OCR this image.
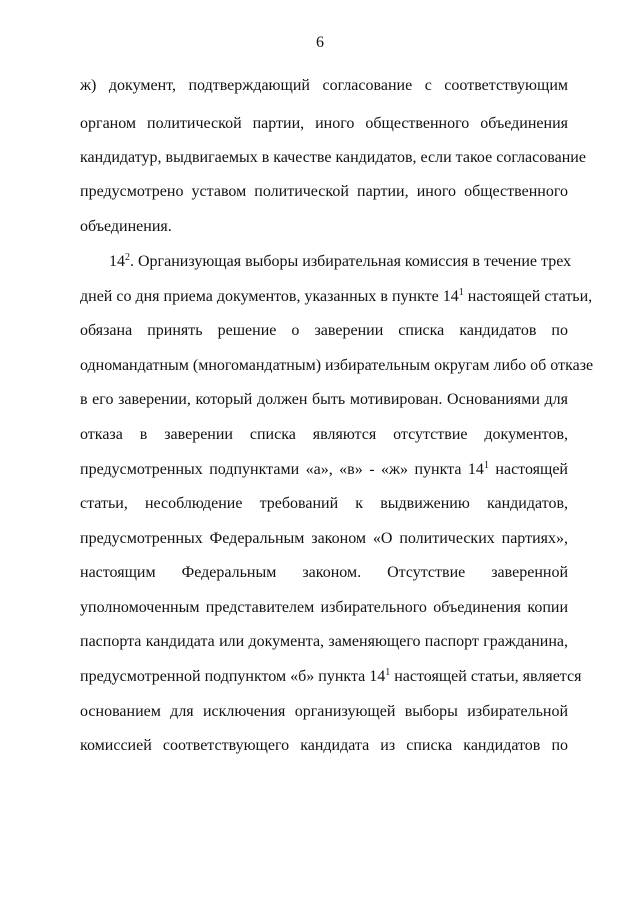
6
ж) документ, подтверждающий согласование с соответствующим
органом политической партии, иного общественного объединения
кандидатур, выдвигаемых в качестве кандидатов, если такое согласование
предусмотрено уставом политической партии, иного общественного
объединения.
$14^2$. Организующая выборы избирательная комиссия в течение трех
дней со дня приема документов, указанных в пункте $14^1$ настоящей статьи,
обязана принять решение о заверении списка кандидатов по
одномандатным (многомандатным) избирательным округам либо об отказе
в его заверении, который должен быть мотивирован. Основаниями для
отказа в заверении списка являются отсутствие документов,
предусмотренных подпунктами «а», «в» - «ж» пункта $14^1$ настоящей
статьи, несоблюдение требований к выдвижению кандидатов,
предусмотренных Федеральным законом «О политических партиях»,
настоящим Федеральным законом. Отсутствие заверенной
уполномоченным представителем избирательного объединения копии
паспорта кандидата или документа, заменяющего паспорт гражданина,
предусмотренной подпунктом «б» пункта $14^1$ настоящей статьи, является
основанием для исключения организующей выборы избирательной
комиссией соответствующего кандидата из списка кандидатов по
